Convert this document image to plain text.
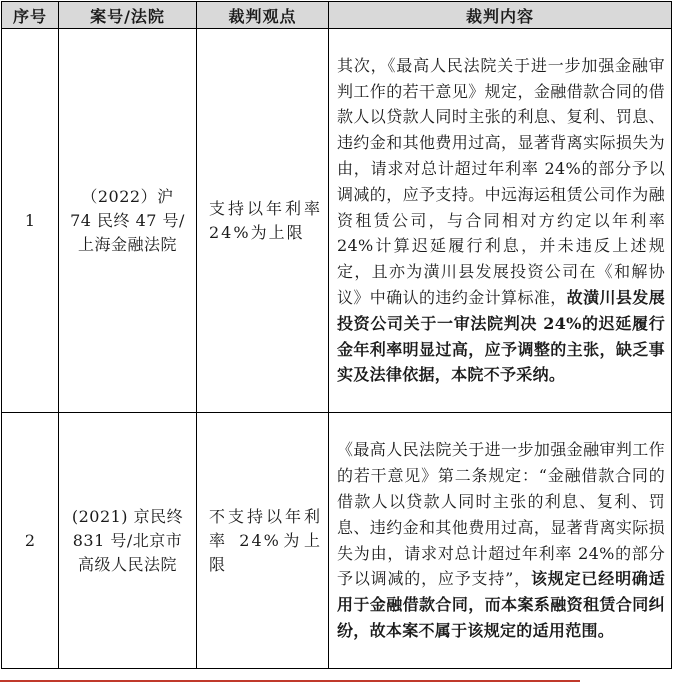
序号	案号/法院	裁判观点	裁判内容
1	（2022）沪 74 民终 47 号/上海金融法院	支持以年利率 24%为上限	其次，《最高人民法院关于进一步加强金融审判工作的若干意见》规定，金融借款合同的借款人以贷款人同时主张的利息、复利、罚息、违约金和其他费用过高，显著背离实际损失为由，请求对总计超过年利率 24%的部分予以调减的，应予支持。中远海运租赁公司作为融资租赁公司，与合同相对方约定以年利率 24%计算迟延履行利息，并未违反上述规定，且亦为潢川县发展投资公司在《和解协议》中确认的违约金计算标准，故潢川县发展投资公司关于一审法院判决 24%的迟延履行金年利率明显过高，应予调整的主张，缺乏事实及法律依据，本院不予采纳。
2	(2021) 京民终 831 号/北京市高级人民法院	不支持以年利率 24%为上限	《最高人民法院关于进一步加强金融审判工作的若干意见》第二条规定：“金融借款合同的借款人以贷款人同时主张的利息、复利、罚息、违约金和其他费用过高，显著背离实际损失为由，请求对总计超过年利率 24%的部分予以调减的，应予支持”，该规定已经明确适用于金融借款合同，而本案系融资租赁合同纠纷，故本案不属于该规定的适用范围。
